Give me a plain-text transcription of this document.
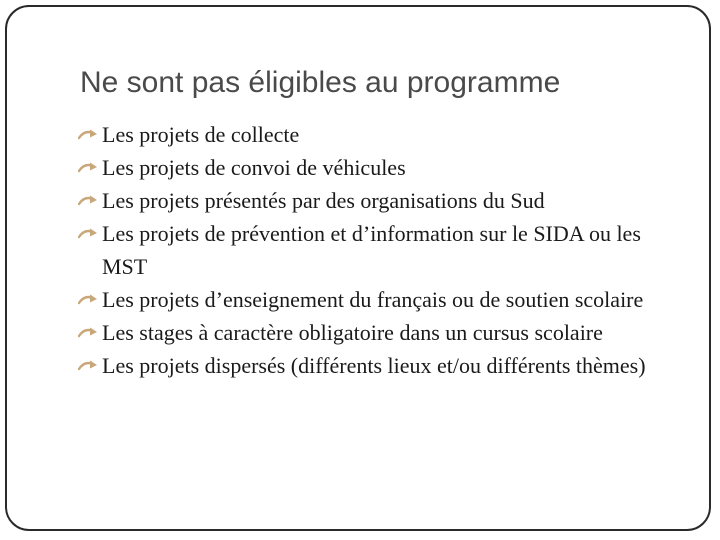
Ne sont pas éligibles au programme
Les projets de collecte
Les projets de convoi de véhicules
Les projets présentés par des organisations du Sud
Les projets de prévention et d’information sur le SIDA ou les MST
Les projets d’enseignement du français ou de soutien scolaire
Les stages à caractère obligatoire dans un cursus scolaire
Les projets dispersés (différents lieux et/ou différents thèmes)
